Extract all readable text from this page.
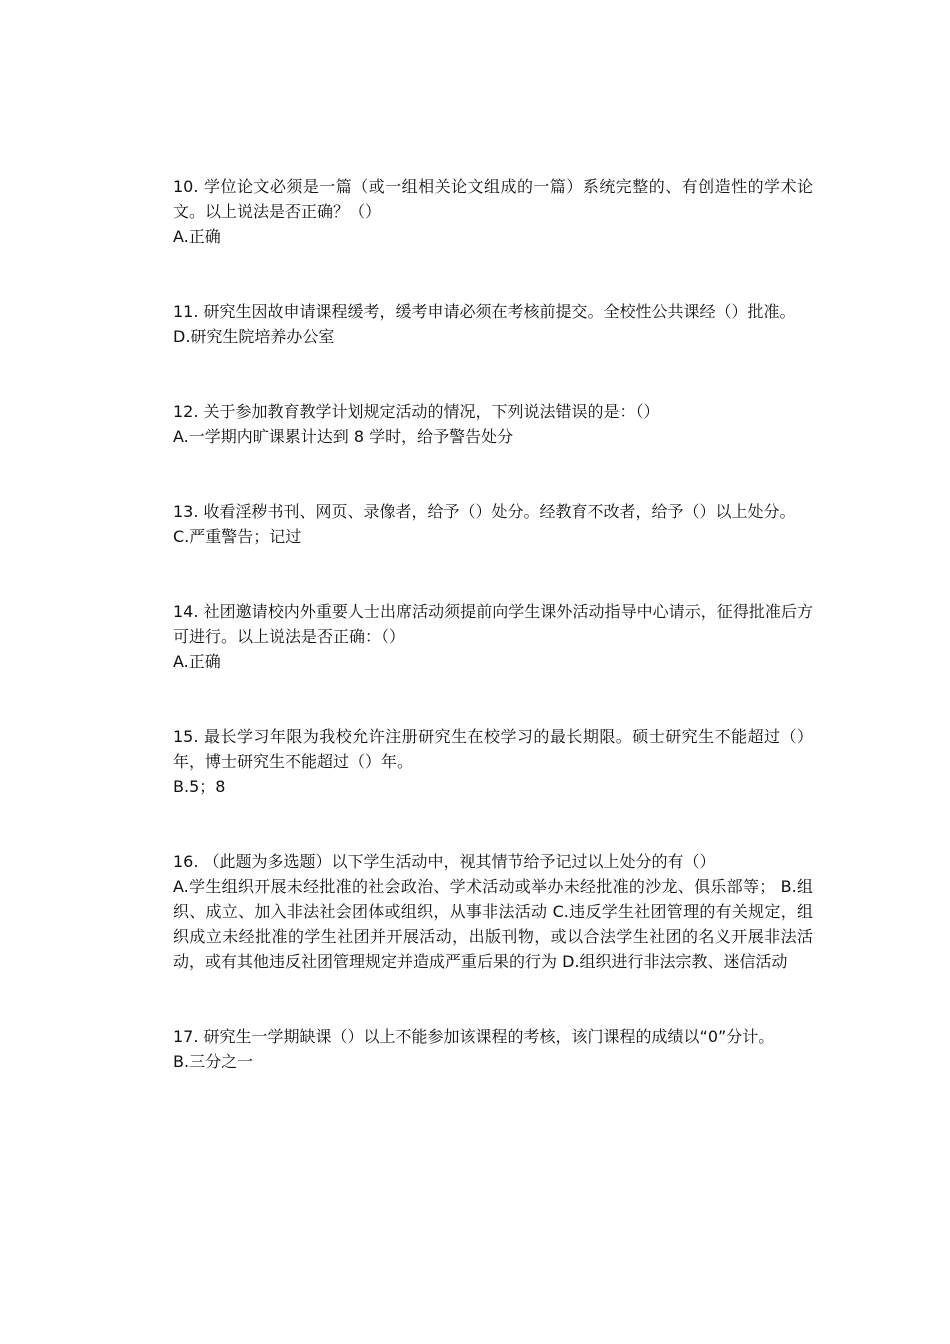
10. 学位论文必须是一篇（或一组相关论文组成的一篇）系统完整的、有创造性的学术论文。以上说法是否正确？（）

A.正确

11. 研究生因故申请课程缓考，缓考申请必须在考核前提交。全校性公共课经（）批准。

D.研究生院培养办公室

12. 关于参加教育教学计划规定活动的情况，下列说法错误的是：（）

A.一学期内旷课累计达到 8 学时，给予警告处分

13. 收看淫秽书刊、网页、录像者，给予（）处分。经教育不改者，给予（）以上处分。

C.严重警告；记过

14. 社团邀请校内外重要人士出席活动须提前向学生课外活动指导中心请示，征得批准后方可进行。以上说法是否正确：（）

A.正确

15. 最长学习年限为我校允许注册研究生在校学习的最长期限。硕士研究生不能超过（）年，博士研究生不能超过（）年。

B.5；8

16. （此题为多选题）以下学生活动中，视其情节给予记过以上处分的有（）

A.学生组织开展未经批准的社会政治、学术活动或举办未经批准的沙龙、俱乐部等； B.组织、成立、加入非法社会团体或组织，从事非法活动 C.违反学生社团管理的有关规定，组织成立未经批准的学生社团并开展活动，出版刊物，或以合法学生社团的名义开展非法活动，或有其他违反社团管理规定并造成严重后果的行为 D.组织进行非法宗教、迷信活动

17. 研究生一学期缺课（）以上不能参加该课程的考核，该门课程的成绩以“0”分计。

B.三分之一
